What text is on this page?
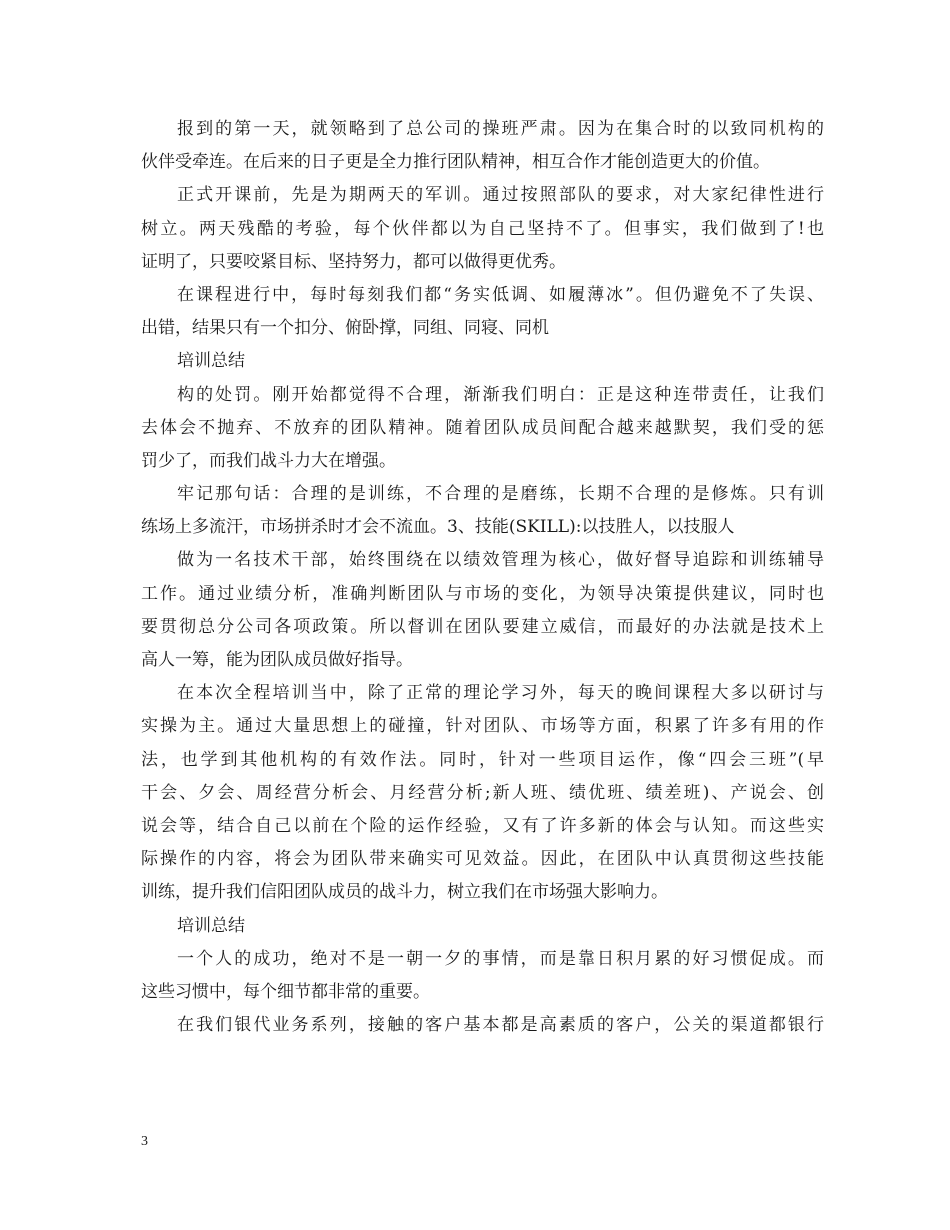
报到的第一天，就领略到了总公司的操班严肃。因为在集合时的以致同机构的
伙伴受牵连。在后来的日子更是全力推行团队精神，相互合作才能创造更大的价值。
正式开课前，先是为期两天的军训。通过按照部队的要求，对大家纪律性进行
树立。两天残酷的考验，每个伙伴都以为自己坚持不了。但事实，我们做到了!也
证明了，只要咬紧目标、坚持努力，都可以做得更优秀。
在课程进行中，每时每刻我们都“务实低调、如履薄冰”。但仍避免不了失误、
出错，结果只有一个扣分、俯卧撑，同组、同寝、同机
培训总结
构的处罚。刚开始都觉得不合理，渐渐我们明白：正是这种连带责任，让我们
去体会不抛弃、不放弃的团队精神。随着团队成员间配合越来越默契，我们受的惩
罚少了，而我们战斗力大在增强。
牢记那句话：合理的是训练，不合理的是磨练，长期不合理的是修炼。只有训
练场上多流汗，市场拼杀时才会不流血。3、技能(SKILL):以技胜人，以技服人
做为一名技术干部，始终围绕在以绩效管理为核心，做好督导追踪和训练辅导
工作。通过业绩分析，准确判断团队与市场的变化，为领导决策提供建议，同时也
要贯彻总分公司各项政策。所以督训在团队要建立威信，而最好的办法就是技术上
高人一筹，能为团队成员做好指导。
在本次全程培训当中，除了正常的理论学习外，每天的晚间课程大多以研讨与
实操为主。通过大量思想上的碰撞，针对团队、市场等方面，积累了许多有用的作
法，也学到其他机构的有效作法。同时，针对一些项目运作，像“四会三班”(早
干会、夕会、周经营分析会、月经营分析;新人班、绩优班、绩差班)、产说会、创
说会等，结合自己以前在个险的运作经验，又有了许多新的体会与认知。而这些实
际操作的内容，将会为团队带来确实可见效益。因此，在团队中认真贯彻这些技能
训练，提升我们信阳团队成员的战斗力，树立我们在市场强大影响力。
培训总结
一个人的成功，绝对不是一朝一夕的事情，而是靠日积月累的好习惯促成。而
这些习惯中，每个细节都非常的重要。
在我们银代业务系列，接触的客户基本都是高素质的客户，公关的渠道都银行
3
